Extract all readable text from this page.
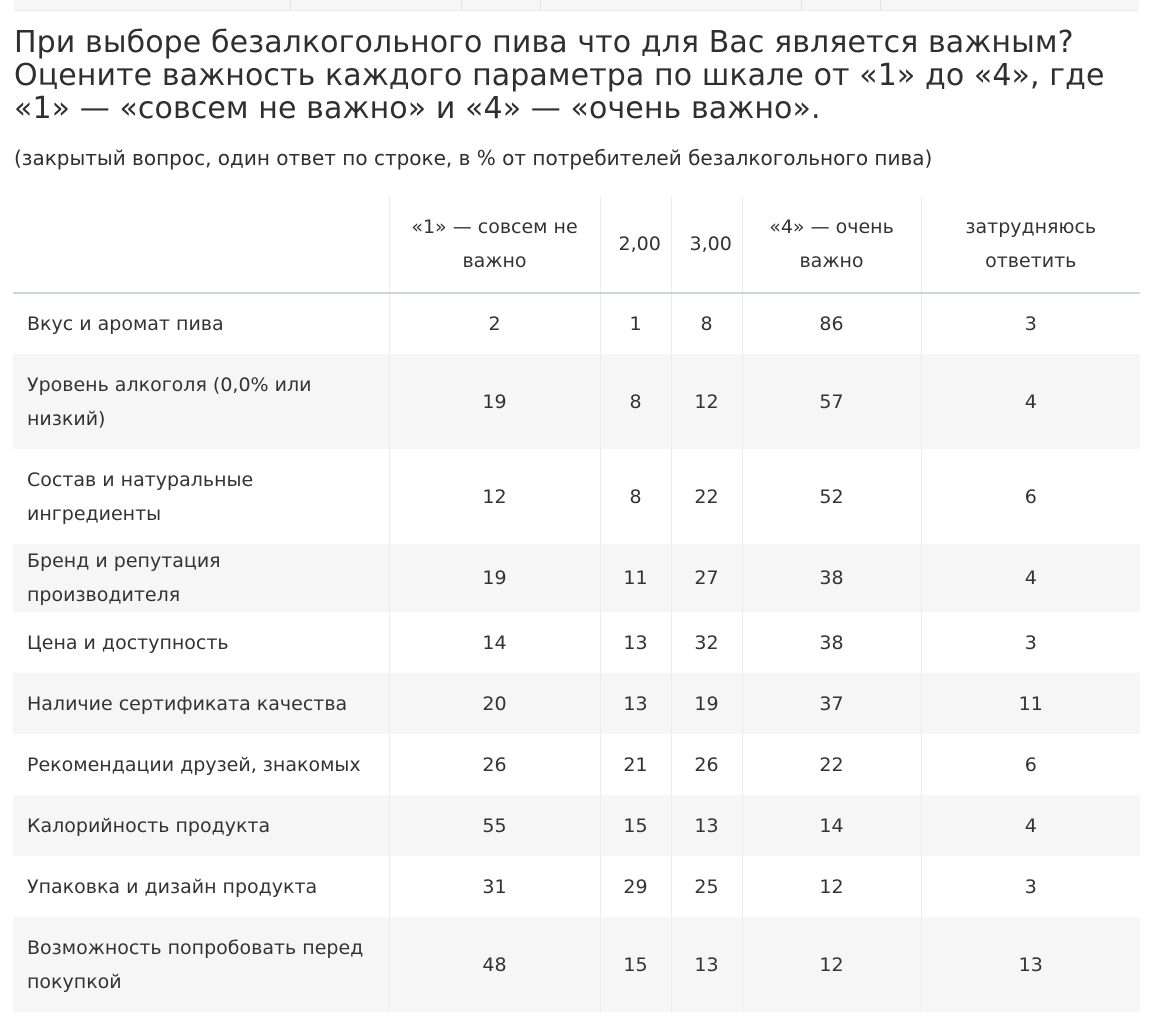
При выборе безалкогольного пива что для Вас является важным? Оцените важность каждого параметра по шкале от «1» до «4», где «1» — «совсем не важно» и «4» — «очень важно».

(закрытый вопрос, один ответ по строке, в % от потребителей безалкогольного пива)

	«1» — совсем не важно	2,00	3,00	«4» — очень важно	затрудняюсь ответить
Вкус и аромат пива	2	1	8	86	3
Уровень алкоголя (0,0% или низкий)	19	8	12	57	4
Состав и натуральные ингредиенты	12	8	22	52	6
Бренд и репутация производителя	19	11	27	38	4
Цена и доступность	14	13	32	38	3
Наличие сертификата качества	20	13	19	37	11
Рекомендации друзей, знакомых	26	21	26	22	6
Калорийность продукта	55	15	13	14	4
Упаковка и дизайн продукта	31	29	25	12	3
Возможность попробовать перед покупкой	48	15	13	12	13
